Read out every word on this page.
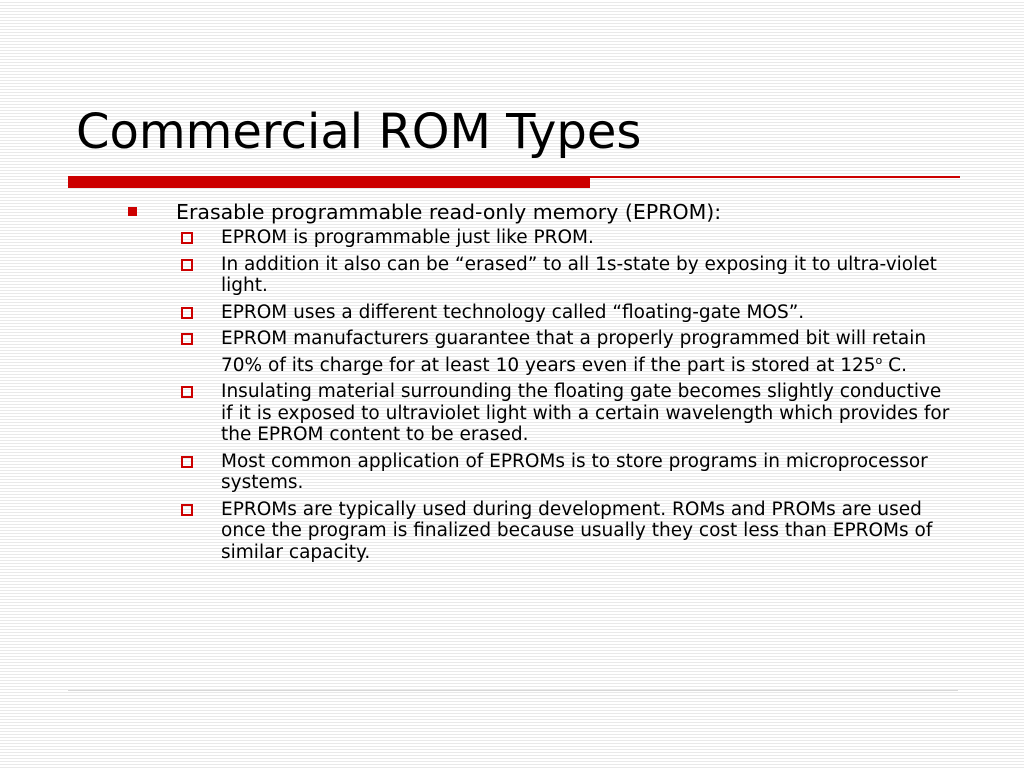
Commercial ROM Types
Erasable programmable read-only memory (EPROM):
EPROM is programmable just like PROM.
In addition it also can be “erased” to all 1s-state by exposing it to ultra-violet light.
EPROM uses a different technology called “floating-gate MOS”.
EPROM manufacturers guarantee that a properly programmed bit will retain 70% of its charge for at least 10 years even if the part is stored at 125$^o$ C.
Insulating material surrounding the floating gate becomes slightly conductive if it is exposed to ultraviolet light with a certain wavelength which provides for the EPROM content to be erased.
Most common application of EPROMs is to store programs in microprocessor systems.
EPROMs are typically used during development. ROMs and PROMs are used once the program is finalized because usually they cost less than EPROMs of similar capacity.
